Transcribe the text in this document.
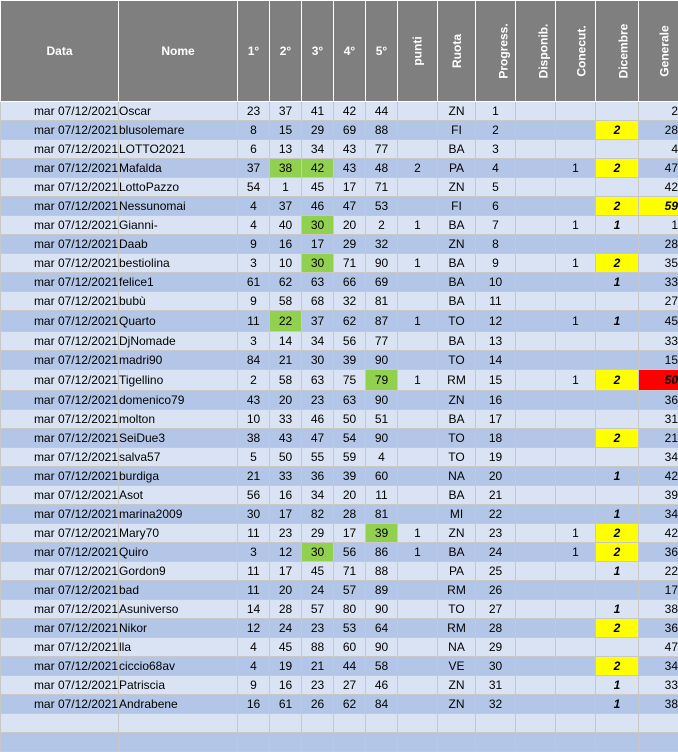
Data	Nome	1°	2°	3°	4°	5°	punti	Ruota	Progress.	Disponib.	Conecut.	Dicembre	Generale
mar 07/12/2021	Oscar	23	37	41	42	44		ZN	1				2
mar 07/12/2021	blusolemare	8	15	29	69	88		FI	2			2	28
mar 07/12/2021	LOTTO2021	6	13	34	43	77		BA	3				4
mar 07/12/2021	Mafalda	37	38	42	43	48	2	PA	4		1	2	47
mar 07/12/2021	LottoPazzo	54	1	45	17	71		ZN	5				42
mar 07/12/2021	Nessunomai	4	37	46	47	53		FI	6			2	59
mar 07/12/2021	Gianni-	4	40	30	20	2	1	BA	7		1	1	1
mar 07/12/2021	Daab	9	16	17	29	32		ZN	8				28
mar 07/12/2021	bestiolina	3	10	30	71	90	1	BA	9		1	2	35
mar 07/12/2021	felice1	61	62	63	66	69		BA	10			1	33
mar 07/12/2021	bubù	9	58	68	32	81		BA	11				27
mar 07/12/2021	Quarto	11	22	37	62	87	1	TO	12		1	1	45
mar 07/12/2021	DjNomade	3	14	34	56	77		BA	13				33
mar 07/12/2021	madri90	84	21	30	39	90		TO	14				15
mar 07/12/2021	Tigellino	2	58	63	75	79	1	RM	15		1	2	50
mar 07/12/2021	domenico79	43	20	23	63	90		ZN	16				36
mar 07/12/2021	molton	10	33	46	50	51		BA	17				31
mar 07/12/2021	SeiDue3	38	43	47	54	90		TO	18			2	21
mar 07/12/2021	salva57	5	50	55	59	4		TO	19				34
mar 07/12/2021	burdiga	21	33	36	39	60		NA	20			1	42
mar 07/12/2021	Asot	56	16	34	20	11		BA	21				39
mar 07/12/2021	marina2009	30	17	82	28	81		MI	22			1	34
mar 07/12/2021	Mary70	11	23	29	17	39	1	ZN	23		1	2	42
mar 07/12/2021	Quiro	3	12	30	56	86	1	BA	24		1	2	36
mar 07/12/2021	Gordon9	11	17	45	71	88		PA	25			1	22
mar 07/12/2021	bad	11	20	24	57	89		RM	26				17
mar 07/12/2021	Asuniverso	14	28	57	80	90		TO	27			1	38
mar 07/12/2021	Nikor	12	24	23	53	64		RM	28			2	36
mar 07/12/2021	lla	4	45	88	60	90		NA	29				47
mar 07/12/2021	ciccio68av	4	19	21	44	58		VE	30			2	34
mar 07/12/2021	Patriscia	9	16	23	27	46		ZN	31			1	33
mar 07/12/2021	Andrabene	16	61	26	62	84		ZN	32			1	38
